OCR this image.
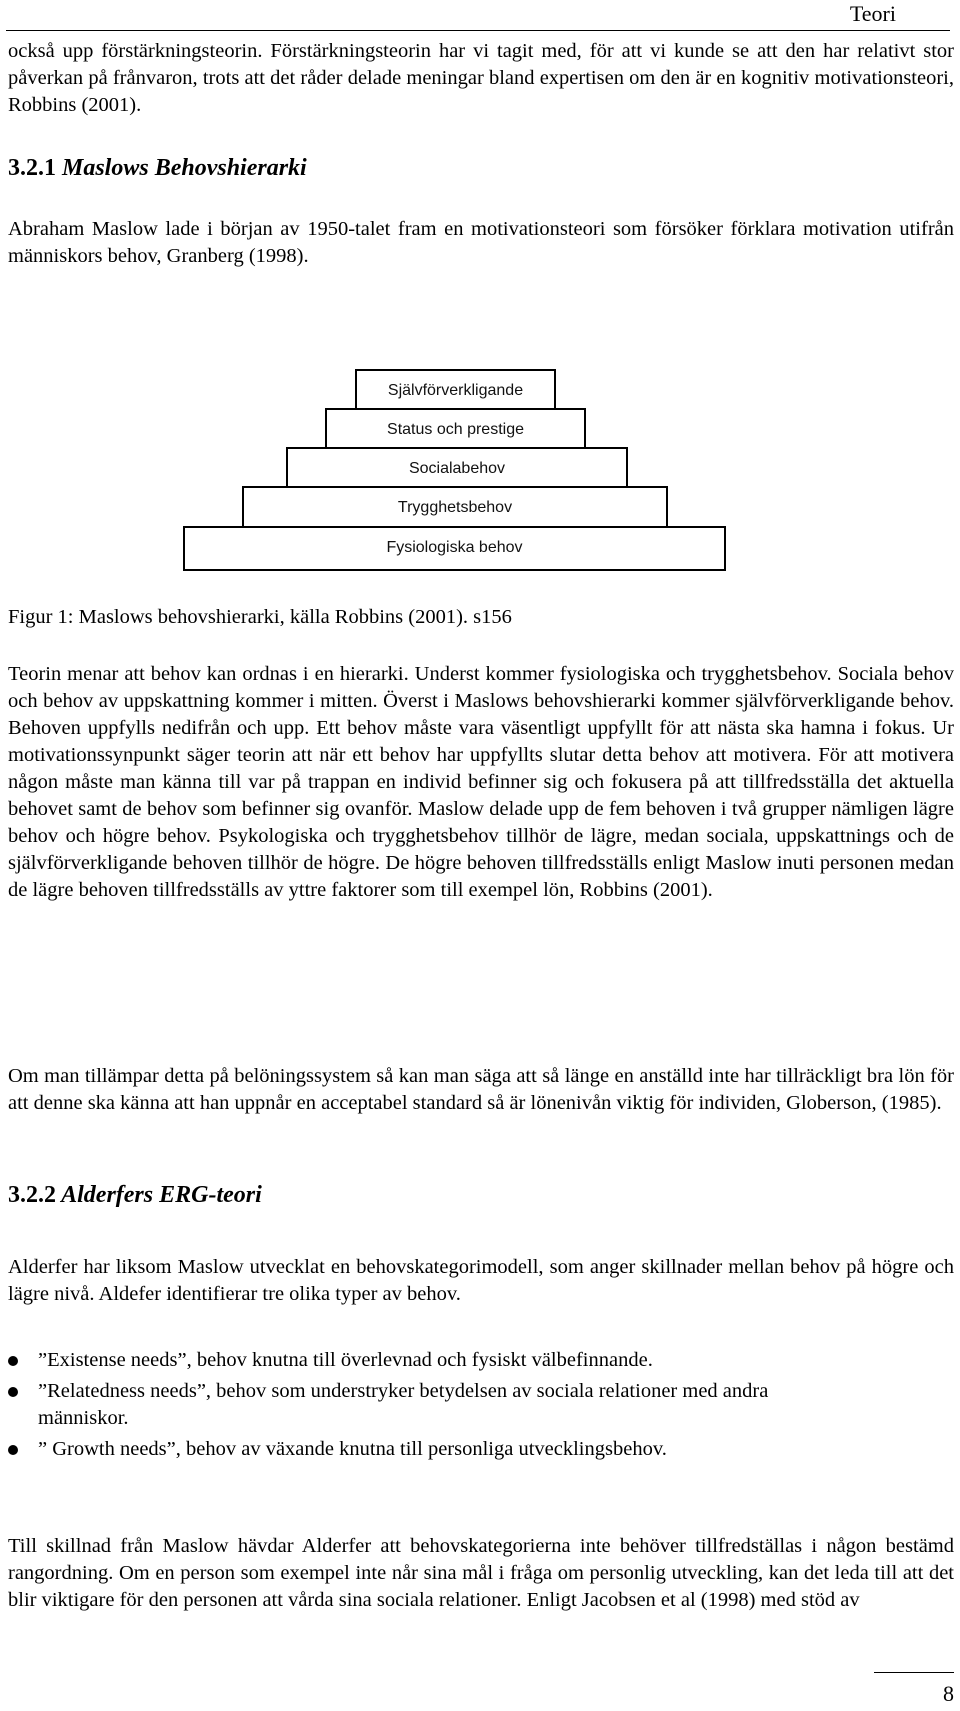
Teori

också upp förstärkningsteorin. Förstärkningsteorin har vi tagit med, för att vi kunde se att den har relativt stor påverkan på frånvaron, trots att det råder delade meningar bland expertisen om den är en kognitiv motivationsteori, Robbins (2001).

3.2.1 Maslows Behovshierarki

Abraham Maslow lade i början av 1950-talet fram en motivationsteori som försöker förklara motivation utifrån människors behov, Granberg (1998).

Fysiologiska behov
Trygghetsbehov
Socialabehov
Status och prestige
Självförverkligande

Figur 1: Maslows behovshierarki, källa Robbins (2001). s156

Teorin menar att behov kan ordnas i en hierarki. Underst kommer fysiologiska och trygghetsbehov. Sociala behov och behov av uppskattning kommer i mitten. Överst i Maslows behovshierarki kommer självförverkligande behov. Behoven uppfylls nedifrån och upp. Ett behov måste vara väsentligt uppfyllt för att nästa ska hamna i fokus. Ur motivationssynpunkt säger teorin att när ett behov har uppfyllts slutar detta behov att motivera. För att motivera någon måste man känna till var på trappan en individ befinner sig och fokusera på att tillfredsställa det aktuella behovet samt de behov som befinner sig ovanför. Maslow delade upp de fem behoven i två grupper nämligen lägre behov och högre behov. Psykologiska och trygghetsbehov tillhör de lägre, medan sociala, uppskattnings och de självförverkligande behoven tillhör de högre. De högre behoven tillfredsställs enligt Maslow inuti personen medan de lägre behoven tillfredsställs av yttre faktorer som till exempel lön, Robbins (2001).

Om man tillämpar detta på belöningssystem så kan man säga att så länge en anställd inte har tillräckligt bra lön för att denne ska känna att han uppnår en acceptabel standard så är lönenivån viktig för individen, Globerson, (1985).

3.2.2 Alderfers ERG-teori

Alderfer har liksom Maslow utvecklat en behovskategorimodell, som anger skillnader mellan behov på högre och lägre nivå. Aldefer identifierar tre olika typer av behov.

”Existense needs”, behov knutna till överlevnad och fysiskt välbefinnande.
”Relatedness needs”, behov som understryker betydelsen av sociala relationer med andra människor.
” Growth needs”, behov av växande knutna till personliga utvecklingsbehov.

Till skillnad från Maslow hävdar Alderfer att behovskategorierna inte behöver tillfredställas i någon bestämd rangordning. Om en person som exempel inte når sina mål i fråga om personlig utveckling, kan det leda till att det blir viktigare för den personen att vårda sina sociala relationer. Enligt Jacobsen et al (1998) med stöd av

8
